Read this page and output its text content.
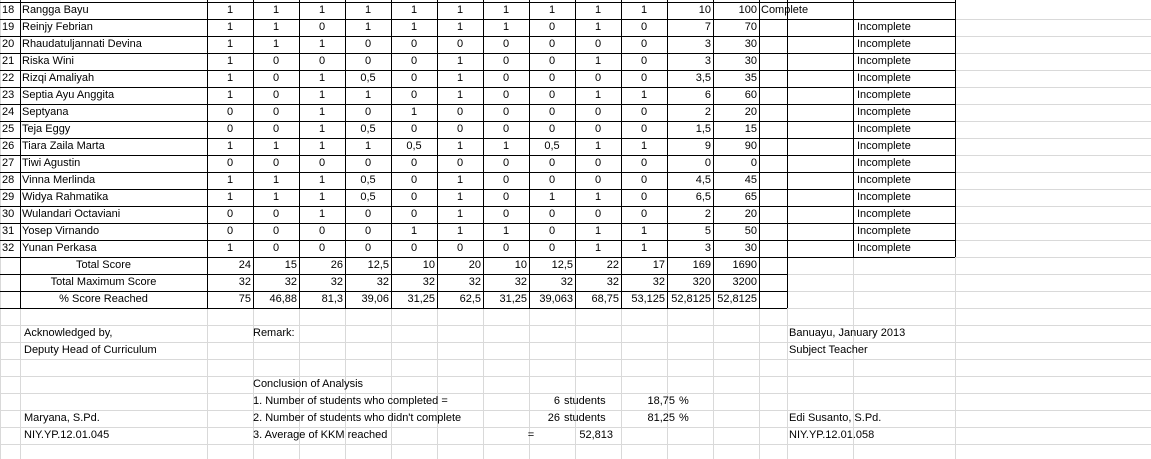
18 Rangga Bayu	1	1	1	1	1	1	1	1	1	1	10	100 Complete
19 Reinjy Febrian	1	1	0	1	1	1	1	0	1	0	7	70	Incomplete
20 Rhaudatuljannati Devina	1	1	1	0	0	0	0	0	0	0	3	30	Incomplete
21 Riska Wini	1	0	0	0	0	1	0	0	1	0	3	30	Incomplete
22 Rizqi Amaliyah	1	0	1	0,5	0	1	0	0	0	0	3,5	35	Incomplete
23 Septia Ayu Anggita	1	0	1	1	0	1	0	0	1	1	6	60	Incomplete
24 Septyana	0	0	1	0	1	0	0	0	0	0	2	20	Incomplete
25 Teja Eggy	0	0	1	0,5	0	0	0	0	0	0	1,5	15	Incomplete
26 Tiara Zaila Marta	1	1	1	1	0,5	1	1	0,5	1	1	9	90	Incomplete
27 Tiwi Agustin	0	0	0	0	0	0	0	0	0	0	0	0	Incomplete
28 Vinna Merlinda	1	1	1	0,5	0	1	0	0	0	0	4,5	45	Incomplete
29 Widya Rahmatika	1	1	1	0,5	0	1	0	1	1	0	6,5	65	Incomplete
30 Wulandari Octaviani	0	0	1	0	0	1	0	0	0	0	2	20	Incomplete
31 Yosep Virnando	0	0	0	0	1	1	1	0	1	1	5	50	Incomplete
32 Yunan Perkasa	1	0	0	0	0	0	0	0	1	1	3	30	Incomplete
Total Score	24	15	26	12,5	10	20	10	12,5	22	17	169	1690
Total Maximum Score	32	32	32	32	32	32	32	32	32	32	320	3200
% Score Reached	75	46,88	81,3	39,06	31,25	62,5	31,25	39,063	68,75	53,125 52,8125 52,8125
Acknowledged by,
Deputy Head of Curriculum
Remark:	Banuayu, January 2013
Subject Teacher
Conclusion of Analysis
1. Number of students who completed =	6 students	18,75 %
2. Number of students who didn't complete	26 students	81,25 %
3. Average of KKM reached	=	52,813
Maryana, S.Pd.
NIY.YP.12.01.045
Edi Susanto, S.Pd.
NIY.YP.12.01.058
